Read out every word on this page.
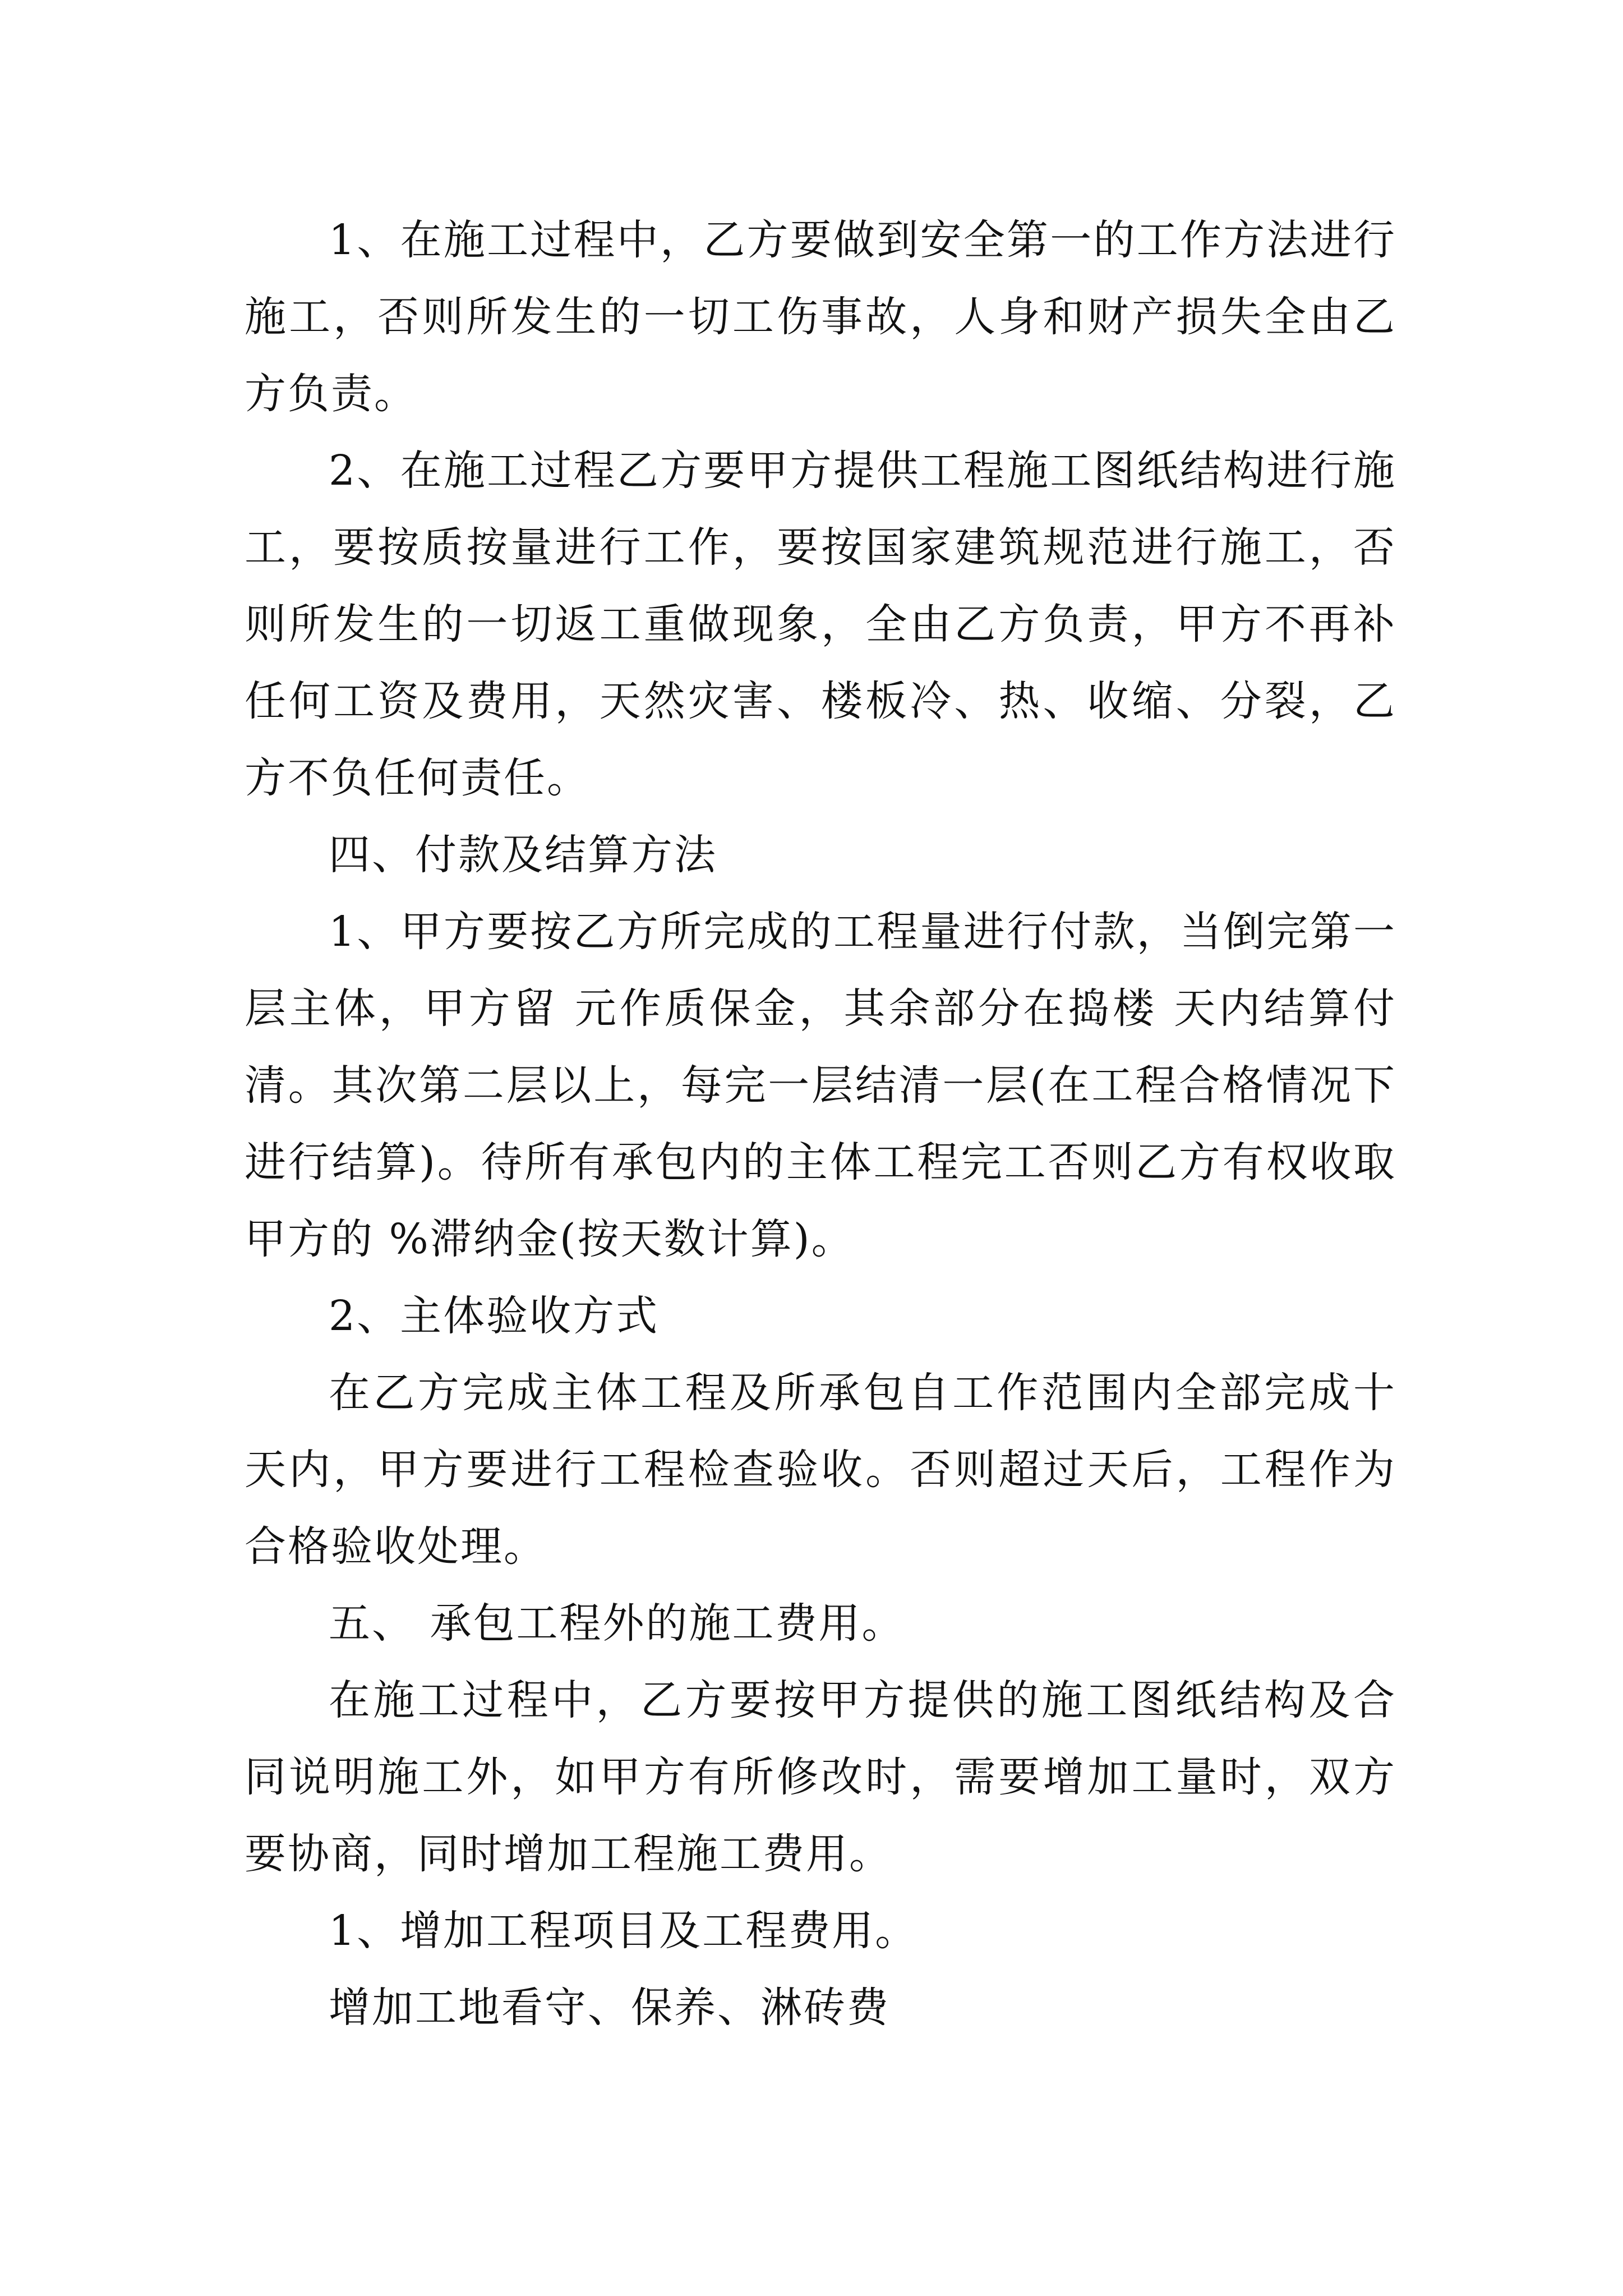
1、在施工过程中，乙方要做到安全第一的工作方法进行施工，否则所发生的一切工伤事故，人身和财产损失全由乙方负责。

2、在施工过程乙方要甲方提供工程施工图纸结构进行施工，要按质按量进行工作，要按国家建筑规范进行施工，否则所发生的一切返工重做现象，全由乙方负责，甲方不再补任何工资及费用，天然灾害、楼板冷、热、收缩、分裂，乙方不负任何责任。

四、付款及结算方法

1、甲方要按乙方所完成的工程量进行付款，当倒完第一层主体，甲方留 元作质保金，其余部分在捣楼 天内结算付清。其次第二层以上，每完一层结清一层(在工程合格情况下进行结算)。待所有承包内的主体工程完工否则乙方有权收取甲方的 %滞纳金(按天数计算)。

2、主体验收方式

在乙方完成主体工程及所承包自工作范围内全部完成十天内，甲方要进行工程检查验收。否则超过天后，工程作为合格验收处理。

五、 承包工程外的施工费用。

在施工过程中，乙方要按甲方提供的施工图纸结构及合同说明施工外，如甲方有所修改时，需要增加工量时，双方要协商，同时增加工程施工费用。

1、增加工程项目及工程费用。

增加工地看守、保养、淋砖费
